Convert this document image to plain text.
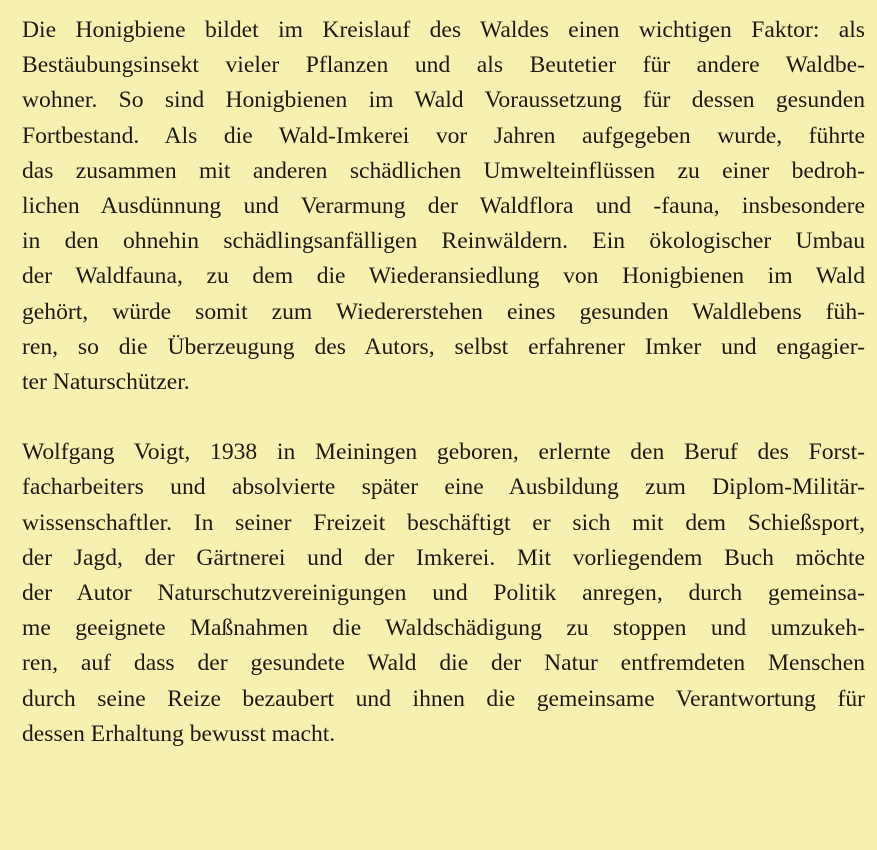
Die Honigbiene bildet im Kreislauf des Waldes einen wichtigen Faktor: als
Bestäubungsinsekt vieler Pflanzen und als Beutetier für andere Waldbe-
wohner. So sind Honigbienen im Wald Voraussetzung für dessen gesunden
Fortbestand. Als die Wald-Imkerei vor Jahren aufgegeben wurde, führte
das zusammen mit anderen schädlichen Umwelteinflüssen zu einer bedroh-
lichen Ausdünnung und Verarmung der Waldflora und -fauna, insbesondere
in den ohnehin schädlingsanfälligen Reinwäldern. Ein ökologischer Umbau
der Waldfauna, zu dem die Wiederansiedlung von Honigbienen im Wald
gehört, würde somit zum Wiedererstehen eines gesunden Waldlebens füh-
ren, so die Überzeugung des Autors, selbst erfahrener Imker und engagier-
ter Naturschützer.

Wolfgang Voigt, 1938 in Meiningen geboren, erlernte den Beruf des Forst-
facharbeiters und absolvierte später eine Ausbildung zum Diplom-Militär-
wissenschaftler. In seiner Freizeit beschäftigt er sich mit dem Schießsport,
der Jagd, der Gärtnerei und der Imkerei. Mit vorliegendem Buch möchte
der Autor Naturschutzvereinigungen und Politik anregen, durch gemeinsa-
me geeignete Maßnahmen die Waldschädigung zu stoppen und umzukeh-
ren, auf dass der gesundete Wald die der Natur entfremdeten Menschen
durch seine Reize bezaubert und ihnen die gemeinsame Verantwortung für
dessen Erhaltung bewusst macht.
